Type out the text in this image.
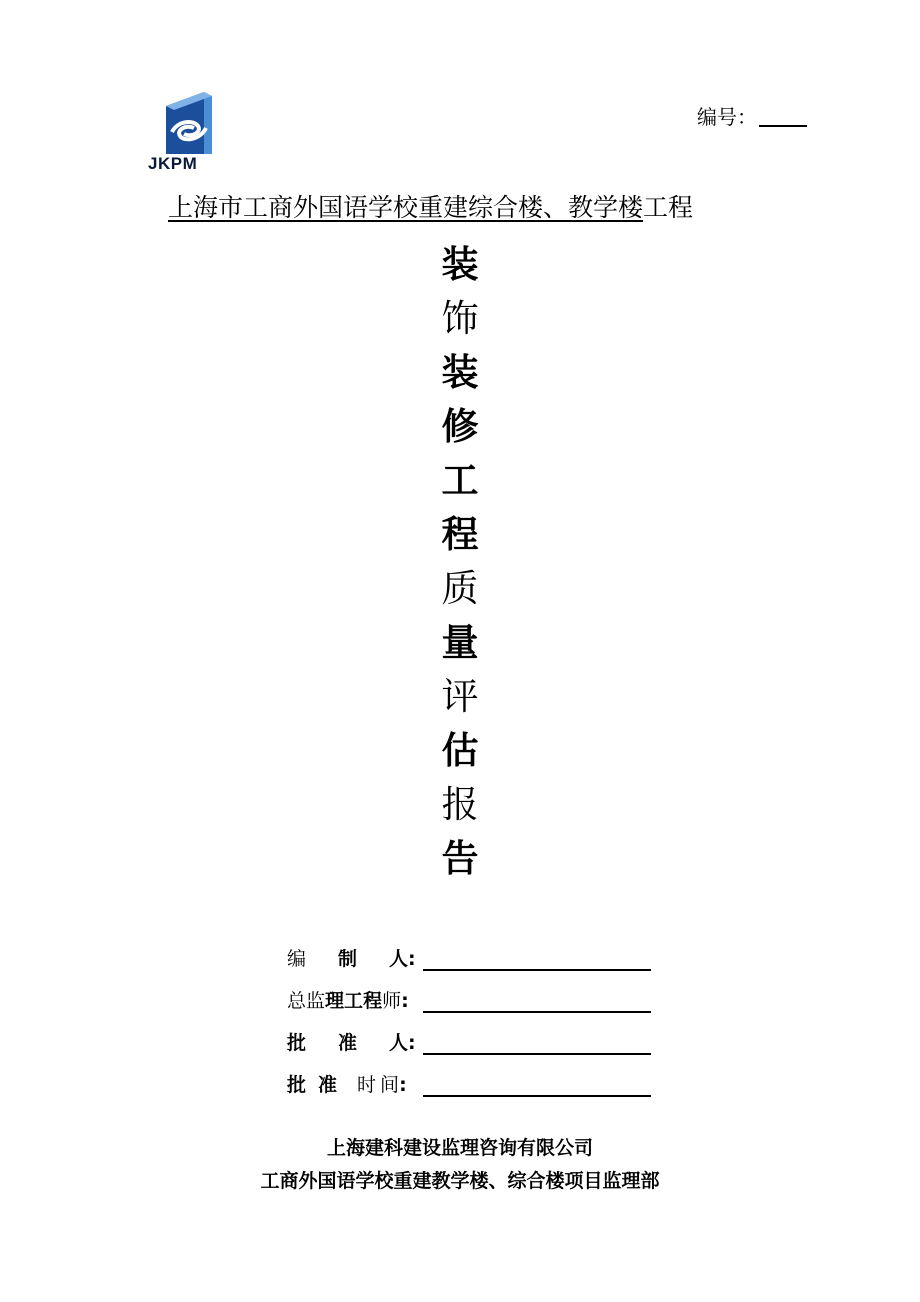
JKPM
编号：
上海市工商外国语学校重建综合楼、教学楼工程
装
饰
装
修
工
程
质
量
评
估
报
告
编 制 人:
总监理工程师:
批 准 人:
批 准 时 间:
上海建科建设监理咨询有限公司
工商外国语学校重建教学楼、综合楼项目监理部
